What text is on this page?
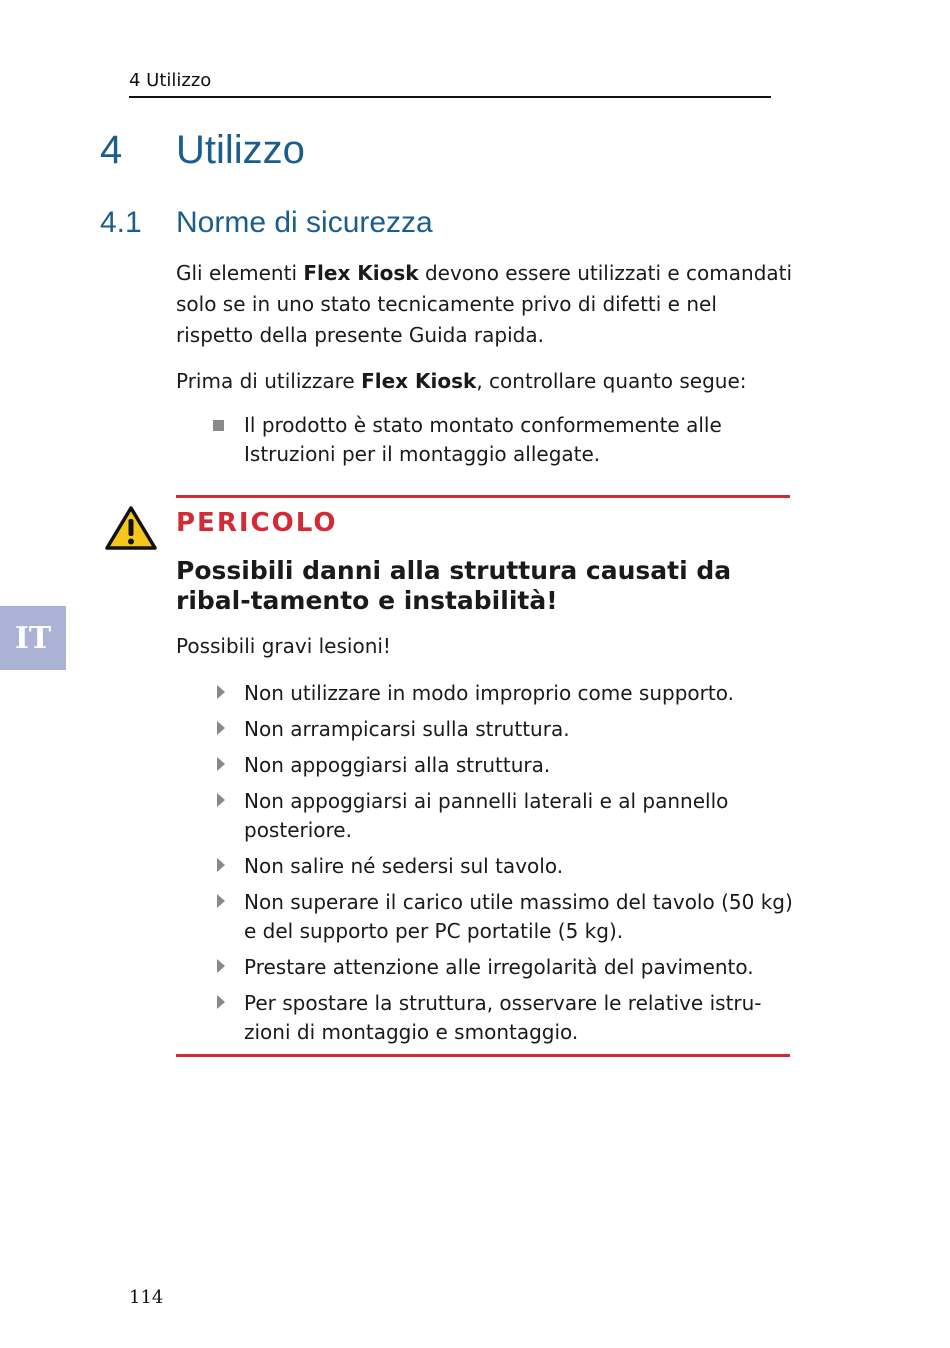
4 Utilizzo
4 Utilizzo
4.1 Norme di sicurezza
Gli elementi Flex Kiosk devono essere utilizzati e comandati solo se in uno stato tecnicamente privo di difetti e nel rispetto della presente Guida rapida.
Prima di utilizzare Flex Kiosk, controllare quanto segue:
Il prodotto è stato montato conformemente alle Istruzioni per il montaggio allegate.
PERICOLO
Possibili danni alla struttura causati da ribal-tamento e instabilità!
Possibili gravi lesioni!
Non utilizzare in modo improprio come supporto.
Non arrampicarsi sulla struttura.
Non appoggiarsi alla struttura.
Non appoggiarsi ai pannelli laterali e al pannello posteriore.
Non salire né sedersi sul tavolo.
Non superare il carico utile massimo del tavolo (50 kg) e del supporto per PC portatile (5 kg).
Prestare attenzione alle irregolarità del pavimento.
Per spostare la struttura, osservare le relative istru-zioni di montaggio e smontaggio.
IT
114
